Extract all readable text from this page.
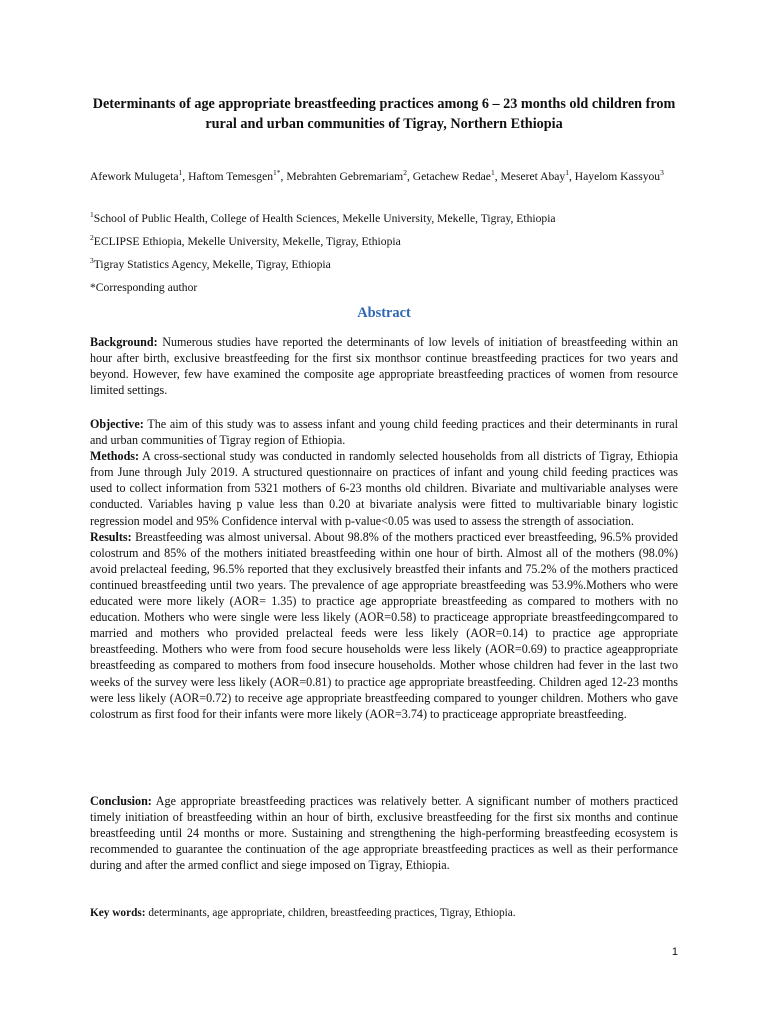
Determinants of age appropriate breastfeeding practices among 6 – 23 months old children from rural and urban communities of Tigray, Northern Ethiopia
Afework Mulugeta$^1$, Haftom Temesgen$^{1*}$, Mebrahten Gebremariam$^2$, Getachew Redae$^1$, Meseret Abay$^1$, Hayelom Kassyou$^3$
$^1$School of Public Health, College of Health Sciences, Mekelle University, Mekelle, Tigray, Ethiopia
$^2$ECLIPSE Ethiopia, Mekelle University, Mekelle, Tigray, Ethiopia
$^3$Tigray Statistics Agency, Mekelle, Tigray, Ethiopia
*Corresponding author
Abstract
Background: Numerous studies have reported the determinants of low levels of initiation of breastfeeding within an hour after birth, exclusive breastfeeding for the first six monthsor continue breastfeeding practices for two years and beyond. However, few have examined the composite age appropriate breastfeeding practices of women from resource limited settings.
Objective: The aim of this study was to assess infant and young child feeding practices and their determinants in rural and urban communities of Tigray region of Ethiopia.
Methods: A cross-sectional study was conducted in randomly selected households from all districts of Tigray, Ethiopia from June through July 2019. A structured questionnaire on practices of infant and young child feeding practices was used to collect information from 5321 mothers of 6-23 months old children. Bivariate and multivariable analyses were conducted. Variables having p value less than 0.20 at bivariate analysis were fitted to multivariable binary logistic regression model and 95% Confidence interval with p-value<0.05 was used to assess the strength of association.
Results: Breastfeeding was almost universal. About 98.8% of the mothers practiced ever breastfeeding, 96.5% provided colostrum and 85% of the mothers initiated breastfeeding within one hour of birth. Almost all of the mothers (98.0%) avoid prelacteal feeding, 96.5% reported that they exclusively breastfed their infants and 75.2% of the mothers practiced continued breastfeeding until two years. The prevalence of age appropriate breastfeeding was 53.9%.Mothers who were educated were more likely (AOR= 1.35) to practice age appropriate breastfeeding as compared to mothers with no education. Mothers who were single were less likely (AOR=0.58) to practiceage appropriate breastfeedingcompared to married and mothers who provided prelacteal feeds were less likely (AOR=0.14) to practice age appropriate breastfeeding. Mothers who were from food secure households were less likely (AOR=0.69) to practice ageappropriate breastfeeding as compared to mothers from food insecure households. Mother whose children had fever in the last two weeks of the survey were less likely (AOR=0.81) to practice age appropriate breastfeeding. Children aged 12-23 months were less likely (AOR=0.72) to receive age appropriate breastfeeding compared to younger children. Mothers who gave colostrum as first food for their infants were more likely (AOR=3.74) to practiceage appropriate breastfeeding.
Conclusion: Age appropriate breastfeeding practices was relatively better. A significant number of mothers practiced timely initiation of breastfeeding within an hour of birth, exclusive breastfeeding for the first six months and continue breastfeeding until 24 months or more. Sustaining and strengthening the high-performing breastfeeding ecosystem is recommended to guarantee the continuation of the age appropriate breastfeeding practices as well as their performance during and after the armed conflict and siege imposed on Tigray, Ethiopia.
Key words: determinants, age appropriate, children, breastfeeding practices, Tigray, Ethiopia.
1
